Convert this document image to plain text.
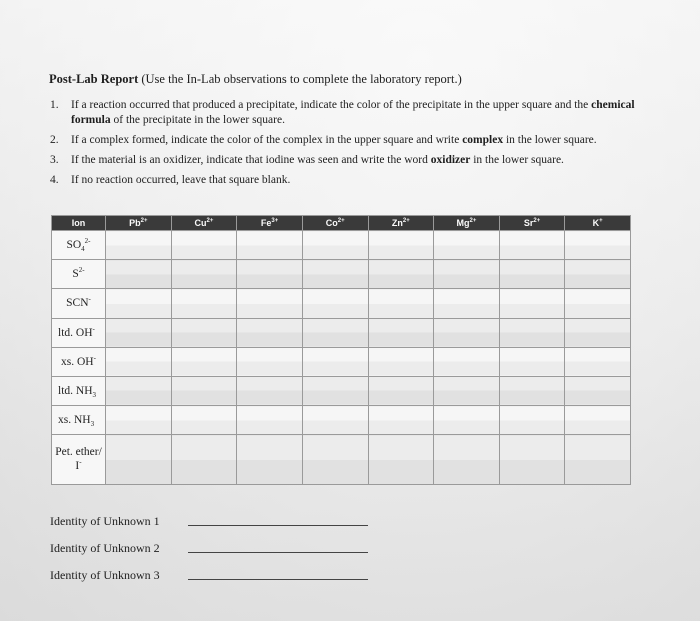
Post-Lab Report (Use the In-Lab observations to complete the laboratory report.)
1. If a reaction occurred that produced a precipitate, indicate the color of the precipitate in the upper square and the chemical formula of the precipitate in the lower square.
2. If a complex formed, indicate the color of the complex in the upper square and write complex in the lower square.
3. If the material is an oxidizer, indicate that iodine was seen and write the word oxidizer in the lower square.
4. If no reaction occurred, leave that square blank.
Ion	$Pb^{2+}$	$Cu^{2+}$	$Fe^{3+}$	$Co^{2+}$	$Zn^{2+}$	$Mg^{2+}$	$Sr^{2+}$	K+
$SO_4^{2-}$								
$S^{2-}$								
SCN-								
ltd. OH-								
xs. OH-								
ltd. $NH_3$								
xs. $NH_3$								
Pet. ether/ I-								
Identity of Unknown 1
Identity of Unknown 2
Identity of Unknown 3
